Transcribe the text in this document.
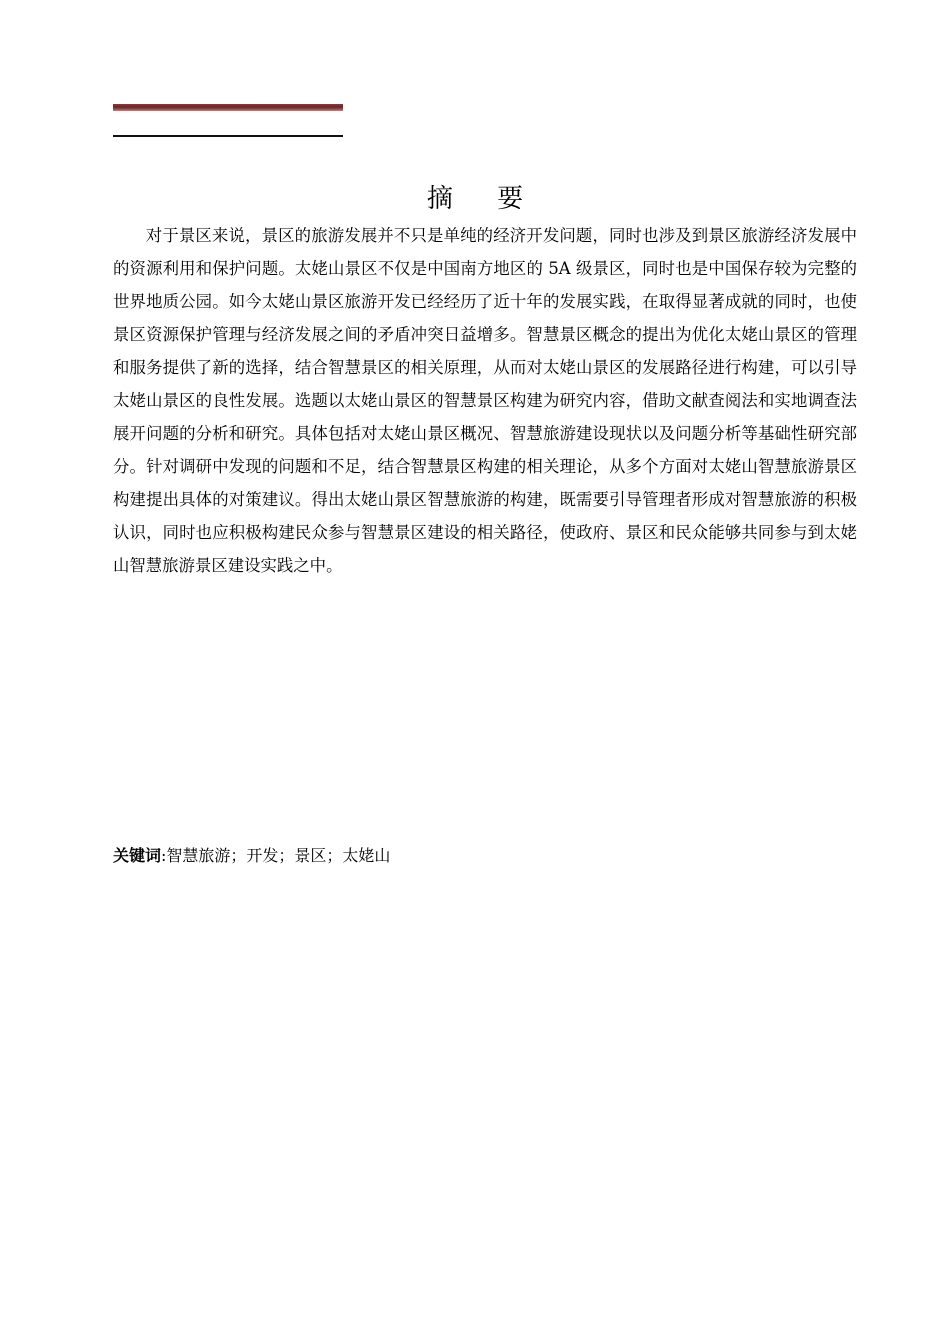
摘 要

对于景区来说，景区的旅游发展并不只是单纯的经济开发问题，同时也涉及到景区旅游经济发展中的资源利用和保护问题。太姥山景区不仅是中国南方地区的 5A 级景区，同时也是中国保存较为完整的世界地质公园。如今太姥山景区旅游开发已经经历了近十年的发展实践，在取得显著成就的同时，也使景区资源保护管理与经济发展之间的矛盾冲突日益增多。智慧景区概念的提出为优化太姥山景区的管理和服务提供了新的选择，结合智慧景区的相关原理，从而对太姥山景区的发展路径进行构建，可以引导太姥山景区的良性发展。选题以太姥山景区的智慧景区构建为研究内容，借助文献查阅法和实地调查法展开问题的分析和研究。具体包括对太姥山景区概况、智慧旅游建设现状以及问题分析等基础性研究部分。针对调研中发现的问题和不足，结合智慧景区构建的相关理论，从多个方面对太姥山智慧旅游景区构建提出具体的对策建议。得出太姥山景区智慧旅游的构建，既需要引导管理者形成对智慧旅游的积极认识，同时也应积极构建民众参与智慧景区建设的相关路径，使政府、景区和民众能够共同参与到太姥山智慧旅游景区建设实践之中。

关键词:智慧旅游；开发；景区；太姥山
